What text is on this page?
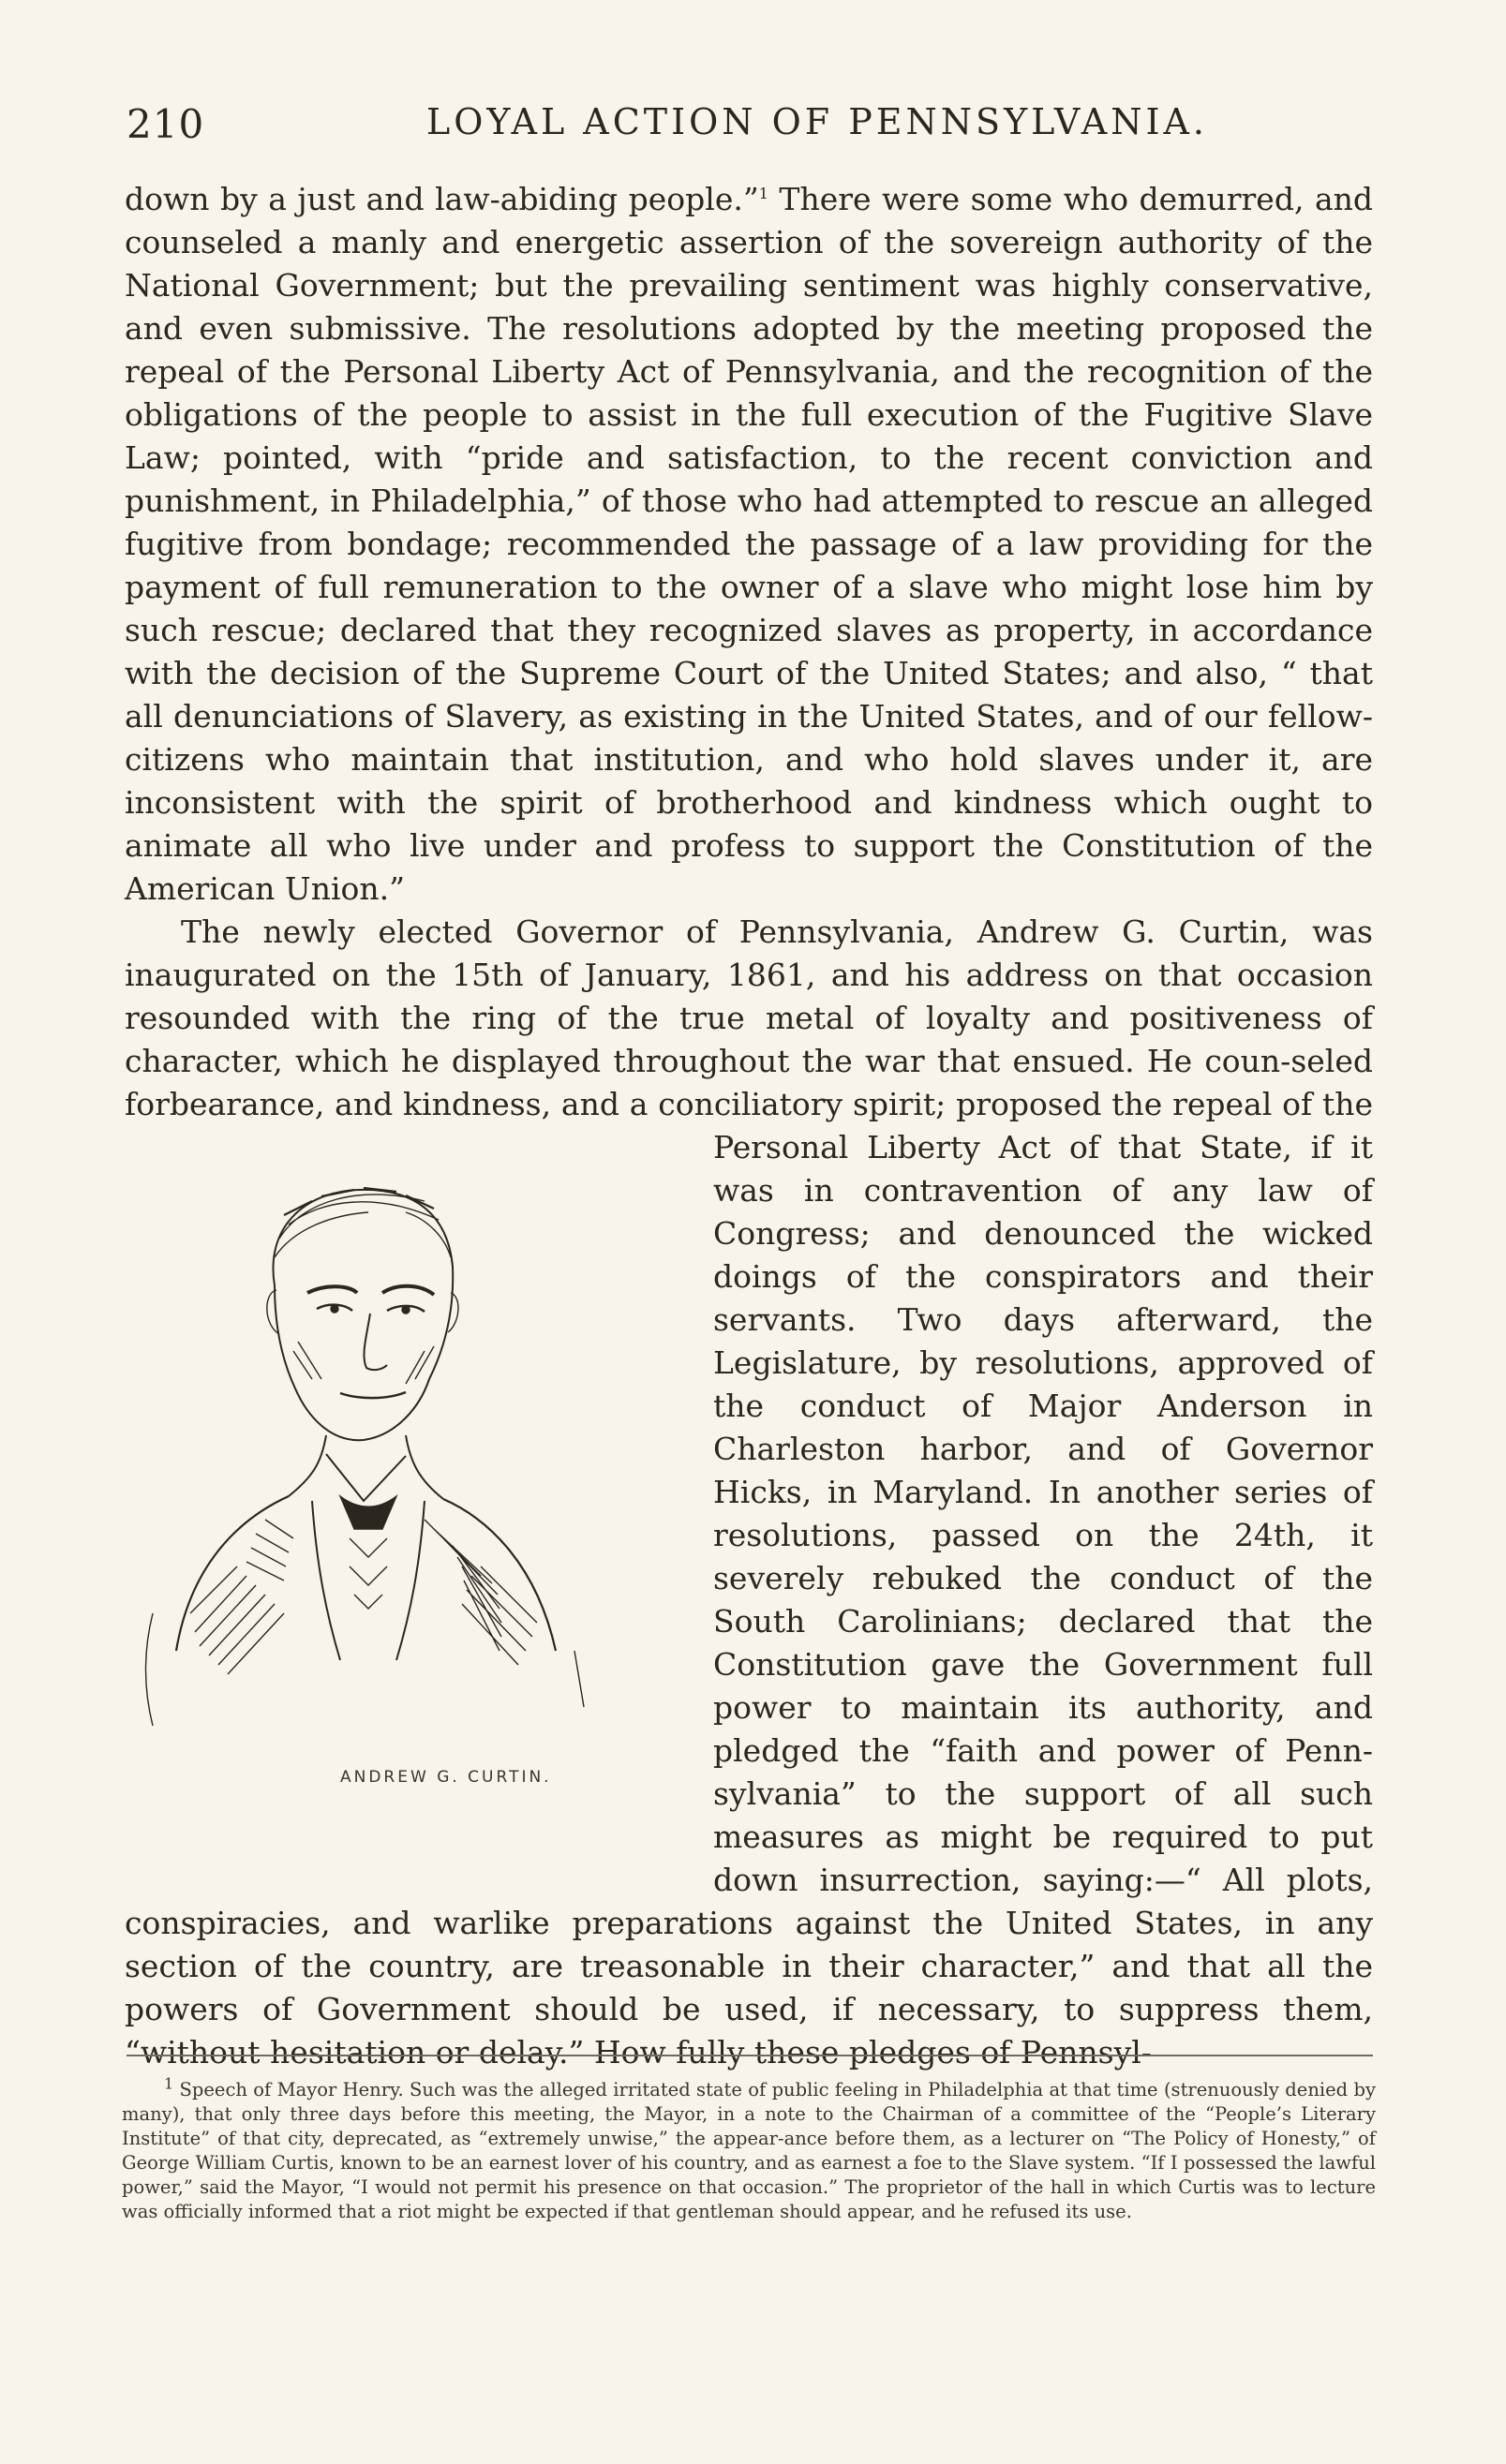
210	LOYAL ACTION OF PENNSYLVANIA.

down by a just and law-abiding people.”$^1$ There were some who demurred, and counseled a manly and energetic assertion of the sovereign authority of the National Government; but the prevailing sentiment was highly conservative, and even submissive. The resolutions adopted by the meeting proposed the repeal of the Personal Liberty Act of Pennsylvania, and the recognition of the obligations of the people to assist in the full execution of the Fugitive Slave Law; pointed, with “pride and satisfaction, to the recent conviction and punishment, in Philadelphia,” of those who had attempted to rescue an alleged fugitive from bondage; recommended the passage of a law providing for the payment of full remuneration to the owner of a slave who might lose him by such rescue; declared that they recognized slaves as property, in accordance with the decision of the Supreme Court of the United States; and also, “ that all denunciations of Slavery, as existing in the United States, and of our fellow-citizens who maintain that institution, and who hold slaves under it, are inconsistent with the spirit of brotherhood and kindness which ought to animate all who live under and profess to support the Constitution of the American Union.”

The newly elected Governor of Pennsylvania, Andrew G. Curtin, was inaugurated on the 15th of January, 1861, and his address on that occasion resounded with the ring of the true metal of loyalty and positiveness of character, which he displayed throughout the war that ensued. He coun-seled forbearance, and kindness, and a conciliatory spirit; proposed the
ANDREW G. CURTIN.
repeal of the Personal Liberty Act of that State, if it was in contravention of any law of Congress; and denounced the wicked doings of the conspirators and their servants. Two days afterward, the Legislature, by resolutions, approved of the conduct of Major Anderson in Charleston harbor, and of Governor Hicks, in Maryland. In another series of resolutions, passed on the 24th, it severely rebuked the conduct of the South Carolinians; declared that the Constitution gave the Government full power to maintain its authority, and pledged the “faith and power of Penn-sylvania” to the support of all such measures as might be required to put down insurrection, saying:—“ All plots, conspiracies, and warlike preparations against the United States, in any section of the country, are treasonable in their character,” and that all the powers of Government should be used, if necessary, to suppress them, “without hesitation or delay.” How fully these pledges of Pennsyl-

$^1$ Speech of Mayor Henry. Such was the alleged irritated state of public feeling in Philadelphia at that time (strenuously denied by many), that only three days before this meeting, the Mayor, in a note to the Chairman of a committee of the “People’s Literary Institute” of that city, deprecated, as “extremely unwise,” the appear-ance before them, as a lecturer on “The Policy of Honesty,” of George William Curtis, known to be an earnest lover of his country, and as earnest a foe to the Slave system. “If I possessed the lawful power,” said the Mayor, “I would not permit his presence on that occasion.” The proprietor of the hall in which Curtis was to lecture was officially informed that a riot might be expected if that gentleman should appear, and he refused its use.
